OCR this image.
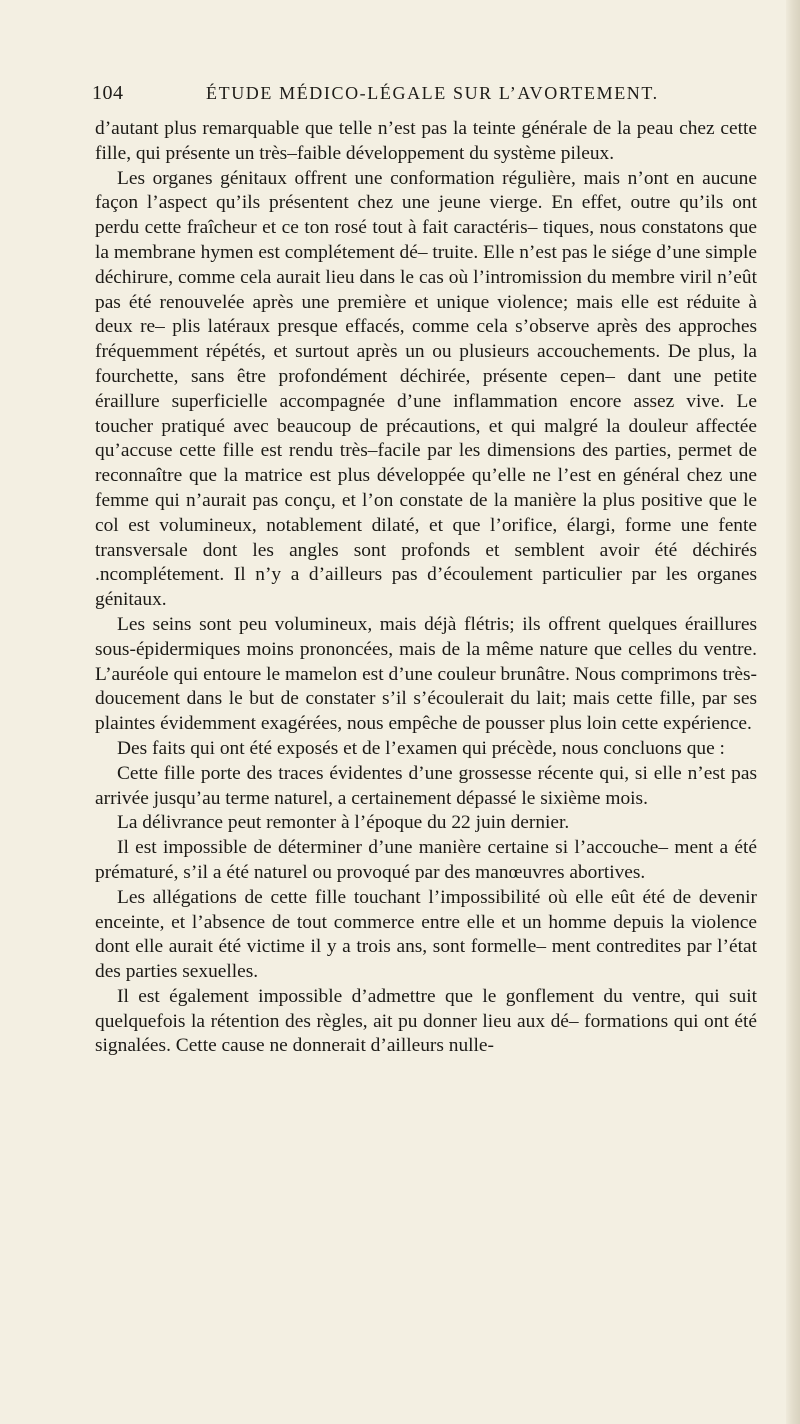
104	ÉTUDE MÉDICO-LÉGALE SUR L’AVORTEMENT.

d’autant plus remarquable que telle n’est pas la teinte générale de la peau chez cette fille, qui présente un très–faible développement du système pileux.

Les organes génitaux offrent une conformation régulière, mais n’ont en aucune façon l’aspect qu’ils présentent chez une jeune vierge. En effet, outre qu’ils ont perdu cette fraîcheur et ce ton rosé tout à fait caractéris– tiques, nous constatons que la membrane hymen est complétement dé– truite. Elle n’est pas le siége d’une simple déchirure, comme cela aurait lieu dans le cas où l’intromission du membre viril n’eût pas été renouvelée après une première et unique violence; mais elle est réduite à deux re– plis latéraux presque effacés, comme cela s’observe après des approches fréquemment répétés, et surtout après un ou plusieurs accouchements. De plus, la fourchette, sans être profondément déchirée, présente cepen– dant une petite éraillure superficielle accompagnée d’une inflammation encore assez vive. Le toucher pratiqué avec beaucoup de précautions, et qui malgré la douleur affectée qu’accuse cette fille est rendu très–facile par les dimensions des parties, permet de reconnaître que la matrice est plus développée qu’elle ne l’est en général chez une femme qui n’aurait pas conçu, et l’on constate de la manière la plus positive que le col est volumineux, notablement dilaté, et que l’orifice, élargi, forme une fente transversale dont les angles sont profonds et semblent avoir été déchirés .ncomplétement. Il n’y a d’ailleurs pas d’écoulement particulier par les organes génitaux.

Les seins sont peu volumineux, mais déjà flétris; ils offrent quelques éraillures sous-épidermiques moins prononcées, mais de la même nature que celles du ventre. L’auréole qui entoure le mamelon est d’une couleur brunâtre. Nous comprimons très-doucement dans le but de constater s’il s’écoulerait du lait; mais cette fille, par ses plaintes évidemment exagérées, nous empêche de pousser plus loin cette expérience.

Des faits qui ont été exposés et de l’examen qui précède, nous concluons que :

Cette fille porte des traces évidentes d’une grossesse récente qui, si elle n’est pas arrivée jusqu’au terme naturel, a certainement dépassé le sixième mois.

La délivrance peut remonter à l’époque du 22 juin dernier.

Il est impossible de déterminer d’une manière certaine si l’accouche– ment a été prématuré, s’il a été naturel ou provoqué par des manœuvres abortives.

Les allégations de cette fille touchant l’impossibilité où elle eût été de devenir enceinte, et l’absence de tout commerce entre elle et un homme depuis la violence dont elle aurait été victime il y a trois ans, sont formelle– ment contredites par l’état des parties sexuelles.

Il est également impossible d’admettre que le gonflement du ventre, qui suit quelquefois la rétention des règles, ait pu donner lieu aux dé– formations qui ont été signalées. Cette cause ne donnerait d’ailleurs nulle-
